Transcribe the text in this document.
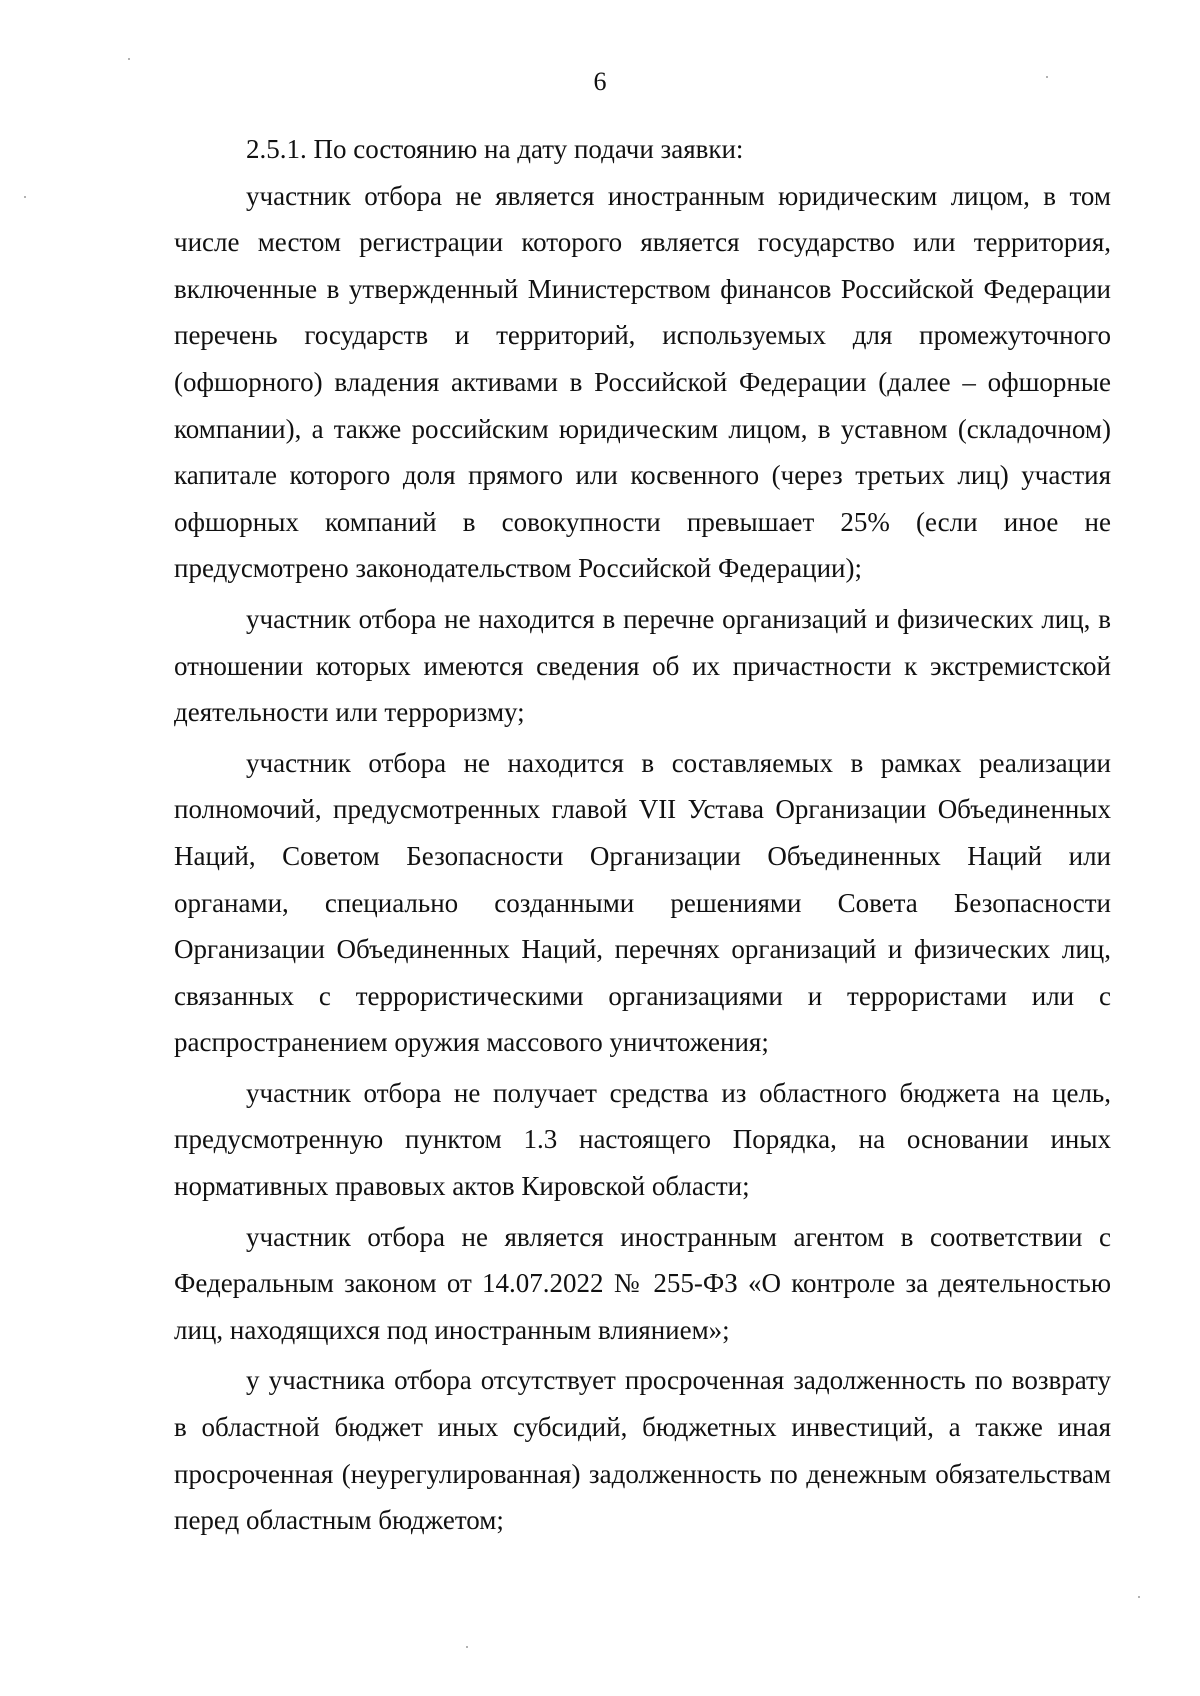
6

2.5.1. По состоянию на дату подачи заявки:

участник отбора не является иностранным юридическим лицом, в том числе местом регистрации которого является государство или территория, включенные в утвержденный Министерством финансов Российской Федерации перечень государств и территорий, используемых для промежуточного (офшорного) владения активами в Российской Федерации (далее – офшорные компании), а также российским юридическим лицом, в уставном (складочном) капитале которого доля прямого или косвенного (через третьих лиц) участия офшорных компаний в совокупности превышает 25% (если иное не предусмотрено законодательством Российской Федерации);

участник отбора не находится в перечне организаций и физических лиц, в отношении которых имеются сведения об их причастности к экстремистской деятельности или терроризму;

участник отбора не находится в составляемых в рамках реализации полномочий, предусмотренных главой VII Устава Организации Объединенных Наций, Советом Безопасности Организации Объединенных Наций или органами, специально созданными решениями Совета Безопасности Организации Объединенных Наций, перечнях организаций и физических лиц, связанных с террористическими организациями и террористами или с распространением оружия массового уничтожения;

участник отбора не получает средства из областного бюджета на цель, предусмотренную пунктом 1.3 настоящего Порядка, на основании иных нормативных правовых актов Кировской области;

участник отбора не является иностранным агентом в соответствии с Федеральным законом от 14.07.2022 № 255-ФЗ «О контроле за деятельностью лиц, находящихся под иностранным влиянием»;

у участника отбора отсутствует просроченная задолженность по возврату в областной бюджет иных субсидий, бюджетных инвестиций, а также иная просроченная (неурегулированная) задолженность по денежным обязательствам перед областным бюджетом;
